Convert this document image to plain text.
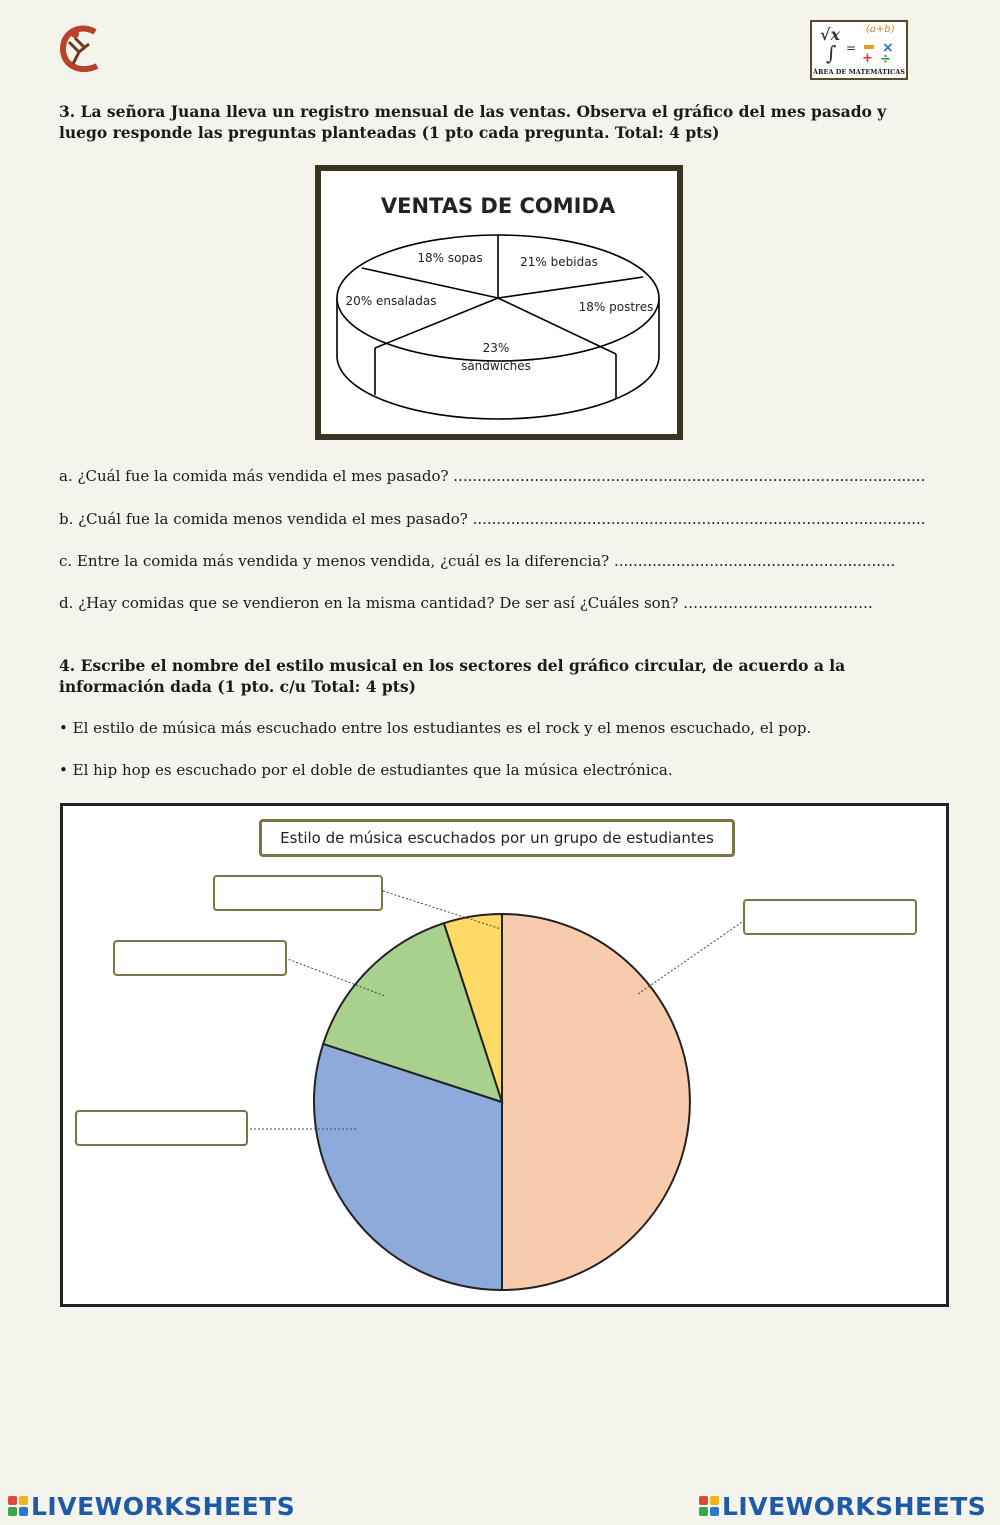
√x
∫ = ×
+ ÷
(a+b)
ÁREA DE MATEMÁTICAS
3. La señora Juana lleva un registro mensual de las ventas. Observa el gráfico del mes pasado y luego responde las preguntas planteadas (1 pto cada pregunta. Total: 4 pts)
VENTAS DE COMIDA
18% sopas	21% bebidas
18% postres
23%
sándwiches
20% ensaladas
a. ¿Cuál fue la comida más vendida el mes pasado? ...................................................................................................
b. ¿Cuál fue la comida menos vendida el mes pasado? ...............................................................................................
c. Entre la comida más vendida y menos vendida, ¿cuál es la diferencia? ...........................................................
d. ¿Hay comidas que se vendieron en la misma cantidad? De ser así ¿Cuáles son? ………………………………..
4. Escribe el nombre del estilo musical en los sectores del gráfico circular, de acuerdo a la información dada (1 pto. c/u Total: 4 pts)
• El estilo de música más escuchado entre los estudiantes es el rock y el menos escuchado, el pop.
• El hip hop es escuchado por el doble de estudiantes que la música electrónica.
Estilo de música escuchados por un grupo de estudiantes
LIVEWORKSHEETS	LIVEWORKSHEETS
